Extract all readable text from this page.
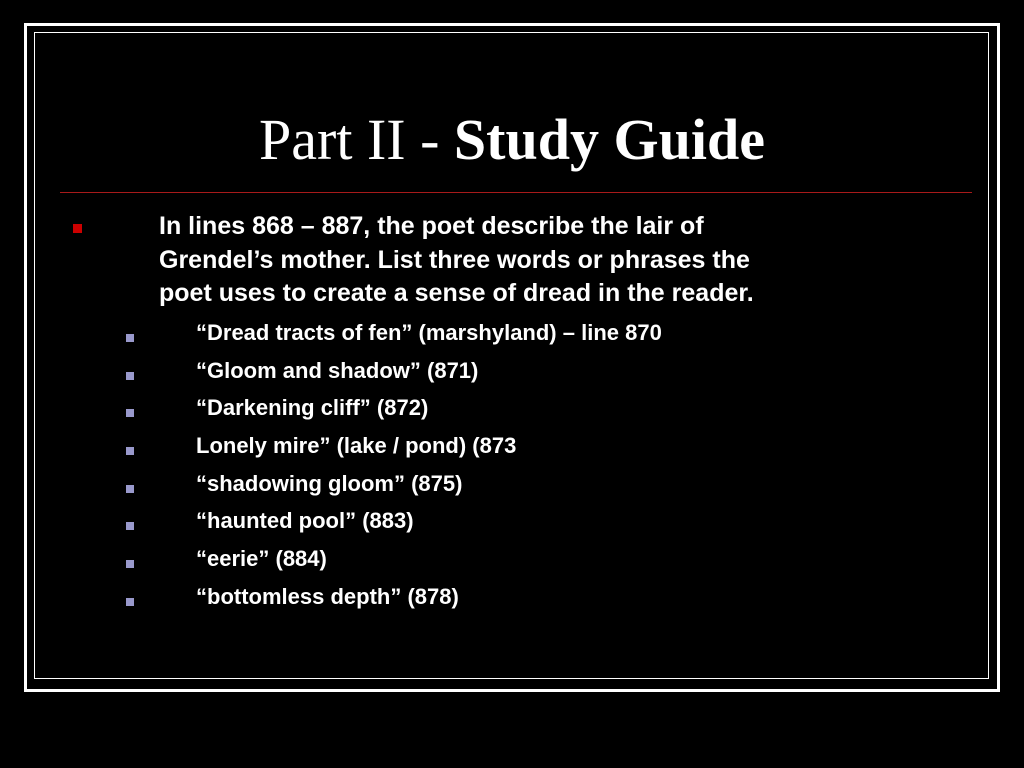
Part II - Study Guide
In lines 868 – 887, the poet describe the lair of
Grendel’s mother. List three words or phrases the
poet uses to create a sense of dread in the reader.
“Dread tracts of fen” (marshyland) – line 870
“Gloom and shadow” (871)
“Darkening cliff” (872)
Lonely mire” (lake / pond) (873
“shadowing gloom” (875)
“haunted pool” (883)
“eerie” (884)
“bottomless depth” (878)
